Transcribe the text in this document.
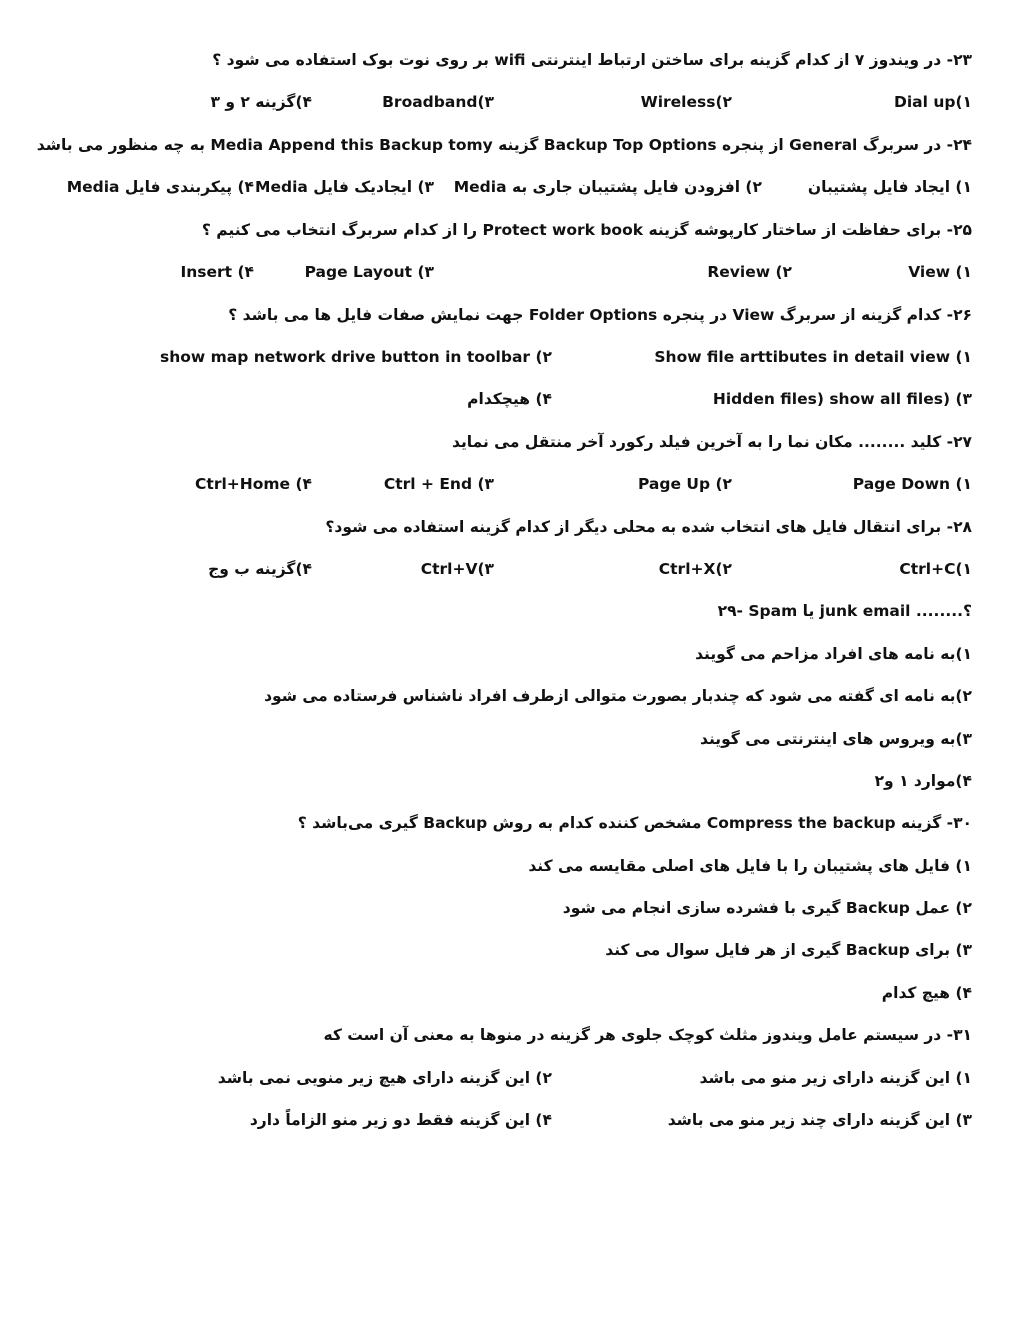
۲۳- در ویندوز ۷ از کدام گزینه برای ساختن ارتباط اینترنتی wifi بر روی نوت بوک استفاده می شود ؟
Dial up(۱
Wireless(۲
Broadband(۳
۴)گزینه ۲ و ۳
۲۴- در سربرگ General از پنجره Backup Top Options گزینه Media Append this Backup tomy به چه منظور می باشد
۱) ایجاد فایل پشتیبان
۲) افزودن فایل پشتیبان جاری به Media
۳) ایجادیک فایل Media
۴) پیکربندی فایل Media
۲۵- برای حفاظت از ساختار کارپوشه گزینه Protect work book را از کدام سربرگ انتخاب می کنیم ؟
View (۱
Review (۲
Page Layout (۳
Insert (۴
۲۶- کدام گزینه از سربرگ View در پنجره Folder Options جهت نمایش صفات فایل ها می باشد ؟
Show file arttibutes in detail view (۱
show map network drive button in toolbar (۲
Hidden files) show all files) (۳
۴) هیچکدام
۲۷- کلید ........ مکان نما را به آخرین فیلد رکورد آخر منتقل می نماید
Page Down (۱
Page Up (۲
Ctrl + End (۳
Ctrl+Home (۴
۲۸- برای انتقال فایل های انتخاب شده به محلی دیگر از کدام گزینه استفاده می شود؟
Ctrl+C(۱
Ctrl+X(۲
Ctrl+V(۳
۴)گزینه ب وج
۲۹- Spam یا junk email ........؟
۱)به نامه های افراد مزاحم می گویند
۲)به نامه ای گفته می شود که چندبار بصورت متوالی ازطرف افراد ناشناس فرستاده می شود
۳)به ویروس های اینترنتی می گویند
۴)موارد ۱ و۲
۳۰- گزینه Compress the backup مشخص کننده کدام به روش Backup گیری می‌باشد ؟
۱) فایل های پشتیبان را با فایل های اصلی مقایسه می کند
۲) عمل Backup گیری با فشرده سازی انجام می شود
۳) برای Backup گیری از هر فایل سوال می کند
۴) هیچ کدام
۳۱- در سیستم عامل ویندوز مثلث کوچک جلوی هر گزینه در منوها به معنی آن است که
۱) این گزینه دارای زیر منو می باشد
۲) این گزینه دارای هیچ زیر منویی نمی باشد
۳) این گزینه دارای چند زیر منو می باشد
۴) این گزینه فقط دو زیر منو الزاماً دارد
